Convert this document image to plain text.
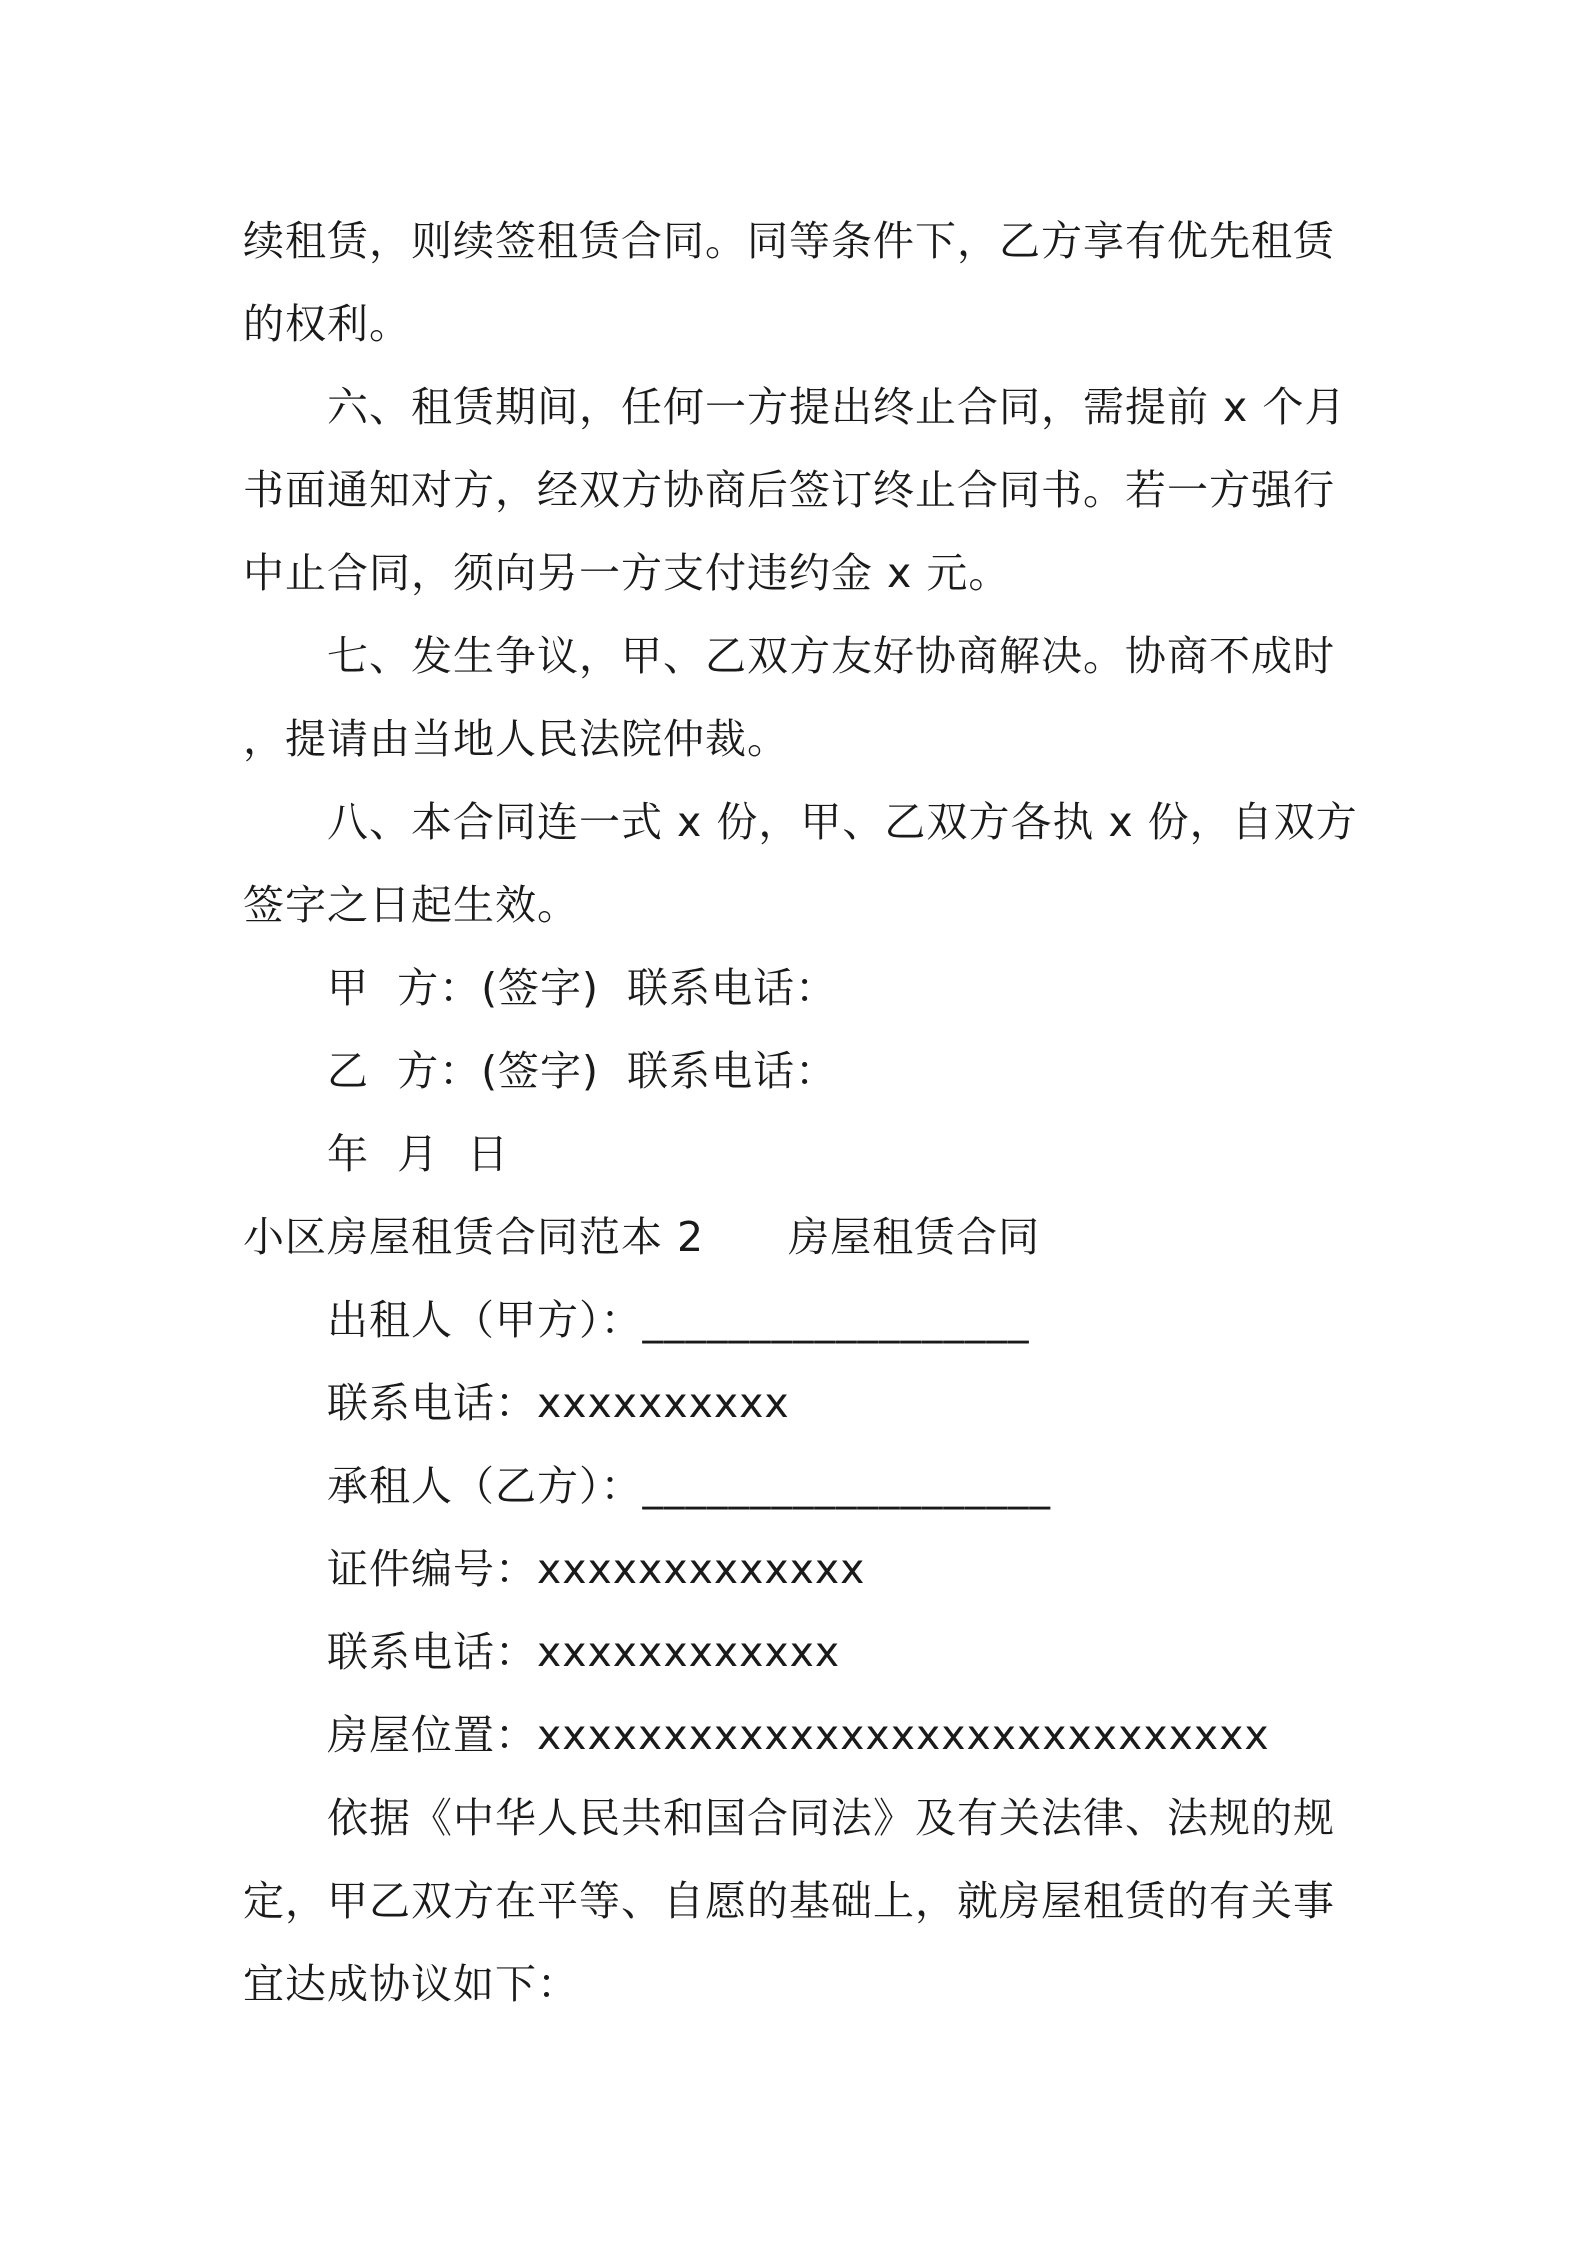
续租赁，则续签租赁合同。同等条件下，乙方享有优先租赁
的权利。
六、租赁期间，任何一方提出终止合同，需提前 x 个月
书面通知对方，经双方协商后签订终止合同书。若一方强行
中止合同，须向另一方支付违约金 x 元。
七、发生争议，甲、乙双方友好协商解决。协商不成时
，提请由当地人民法院仲裁。
八、本合同连一式 x 份，甲、乙双方各执 x 份，自双方
签字之日起生效。
甲  方：(签字)  联系电话：
乙  方：(签字)  联系电话：
年  月  日
小区房屋租赁合同范本 2 房屋租赁合同
出租人（甲方）：__________________
联系电话：xxxxxxxxxx
承租人（乙方）：___________________
证件编号：xxxxxxxxxxxxx
联系电话：xxxxxxxxxxxx
房屋位置：xxxxxxxxxxxxxxxxxxxxxxxxxxxxx
依据《中华人民共和国合同法》及有关法律、法规的规
定，甲乙双方在平等、自愿的基础上，就房屋租赁的有关事
宜达成协议如下：
